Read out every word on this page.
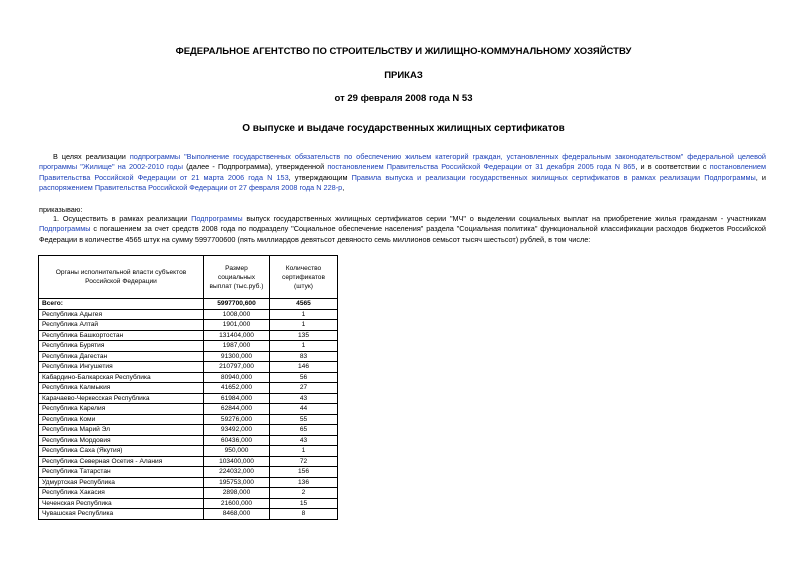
ФЕДЕРАЛЬНОЕ АГЕНТСТВО ПО СТРОИТЕЛЬСТВУ И ЖИЛИЩНО-КОММУНАЛЬНОМУ ХОЗЯЙСТВУ
ПРИКАЗ
от 29 февраля 2008 года N 53
О выпуске и выдаче государственных жилищных сертификатов
В целях реализации подпрограммы "Выполнение государственных обязательств по обеспечению жильем категорий граждан, установленных федеральным законодательством" федеральной целевой программы "Жилище" на 2002-2010 годы (далее - Подпрограмма), утвержденной постановлением Правительства Российской Федерации от 31 декабря 2005 года N 865, и в соответствии с постановлением Правительства Российской Федерации от 21 марта 2006 года N 153, утверждающим Правила выпуска и реализации государственных жилищных сертификатов в рамках реализации Подпрограммы, и распоряжением Правительства Российской Федерации от 27 февраля 2008 года N 228-р,
приказываю:
1. Осуществить в рамках реализации Подпрограммы выпуск государственных жилищных сертификатов серии "МЧ" о выделении социальных выплат на приобретение жилья гражданам - участникам Подпрограммы с погашением за счет средств 2008 года по подразделу "Социальное обеспечение населения" раздела "Социальная политика" функциональной классификации расходов бюджетов Российской Федерации в количестве 4565 штук на сумму 5997700600 (пять миллиардов девятьсот девяносто семь миллионов семьсот тысяч шестьсот) рублей, в том числе:
Органы исполнительной власти субъектов Российской Федерации	Размер социальных выплат (тыс.руб.)	Количество сертификатов (штук)
Всего:	5997700,600	4565
Республика Адыгея	1008,000	1
Республика Алтай	1901,000	1
Республика Башкортостан	131404,000	135
Республика Бурятия	1987,000	1
Республика Дагестан	91300,000	83
Республика Ингушетия	210797,000	146
Кабардино-Балкарская Республика	80940,000	56
Республика Калмыкия	41652,000	27
Карачаево-Черкесская Республика	61984,000	43
Республика Карелия	62844,000	44
Республика Коми	59276,000	55
Республика Марий Эл	93492,000	65
Республика Мордовия	60436,000	43
Республика Саха (Якутия)	950,000	1
Республика Северная Осетия - Алания	103400,000	72
Республика Татарстан	224032,000	156
Удмуртская Республика	195753,000	136
Республика Хакасия	2898,000	2
Чеченская Республика	21600,000	15
Чувашская Республика	8468,000	8
